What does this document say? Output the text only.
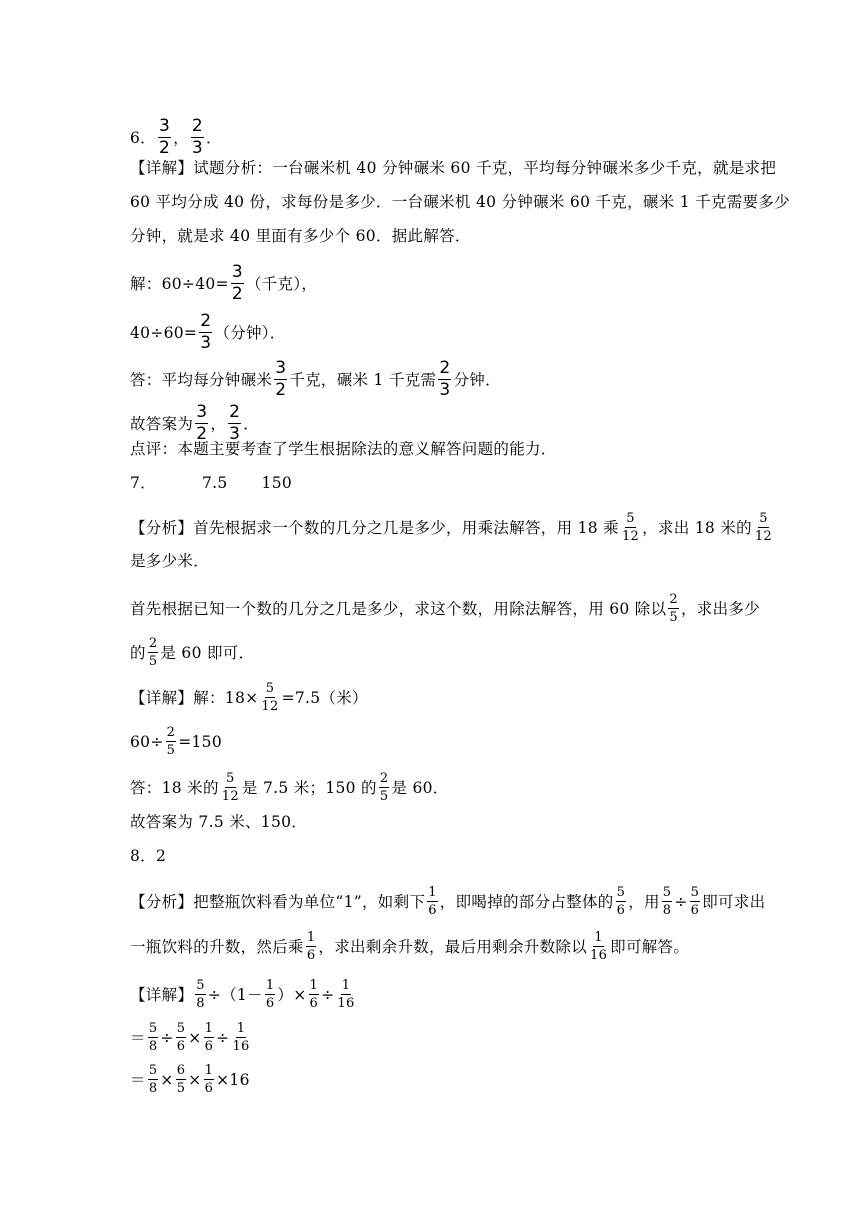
6． $\frac{3}{2}$ ， $\frac{2}{3}$ ．
【详解】试题分析：一台碾米机 40 分钟碾米 60 千克，平均每分钟碾米多少千克，就是求把
60 平均分成 40 份，求每份是多少．一台碾米机 40 分钟碾米 60 千克，碾米 1 千克需要多少
分钟，就是求 40 里面有多少个 60．据此解答．
解：$60\div 40= \frac{3}{2}$ （千克），
$40\div 60= \frac{2}{3}$ （分钟）．
答：平均每分钟碾米 $\frac{3}{2}$ 千克，碾米 1 千克需 $\frac{2}{3}$ 分钟．
故答案为 $\frac{3}{2}$ ， $\frac{2}{3}$ ．
点评：本题主要考查了学生根据除法的意义解答问题的能力．
7．	7.5 150
【分析】首先根据求一个数的几分之几是多少，用乘法解答，用 18 乘 $\frac{5}{12}$ ，求出 18 米的 $\frac{5}{12}$
是多少米．
首先根据已知一个数的几分之几是多少，求这个数，用除法解答，用 60 除以 $\frac{2}{5}$ ，求出多少
的 $\frac{2}{5}$ 是 60 即可．
【详解】解：$18\times \frac{5}{12} =7.5$（米）
$60\div \frac{2}{5} =150$
答：18 米的 $\frac{5}{12}$ 是 7.5 米；150 的 $\frac{2}{5}$ 是 60．
故答案为 7.5 米、150．
8．2
【分析】把整瓶饮料看为单位“1”，如剩下 $\frac{1}{6}$ ，即喝掉的部分占整体的 $\frac{5}{6}$ ，用 $\frac{5}{8} \div \frac{5}{6}$ 即可求出
一瓶饮料的升数，然后乘 $\frac{1}{6}$ ，求出剩余升数，最后用剩余升数除以 $\frac{1}{16}$ 即可解答。
【详解】 $\frac{5}{8} \div (1- \frac{1}{6}$ ） × $\frac{1}{6} \div \frac{1}{16}$
＝ $\frac{5}{8} \div \frac{5}{6} \times \frac{1}{6} \div \frac{1}{16}$
＝ $\frac{5}{8} \times \frac{6}{5} \times \frac{1}{6} \times 16$
